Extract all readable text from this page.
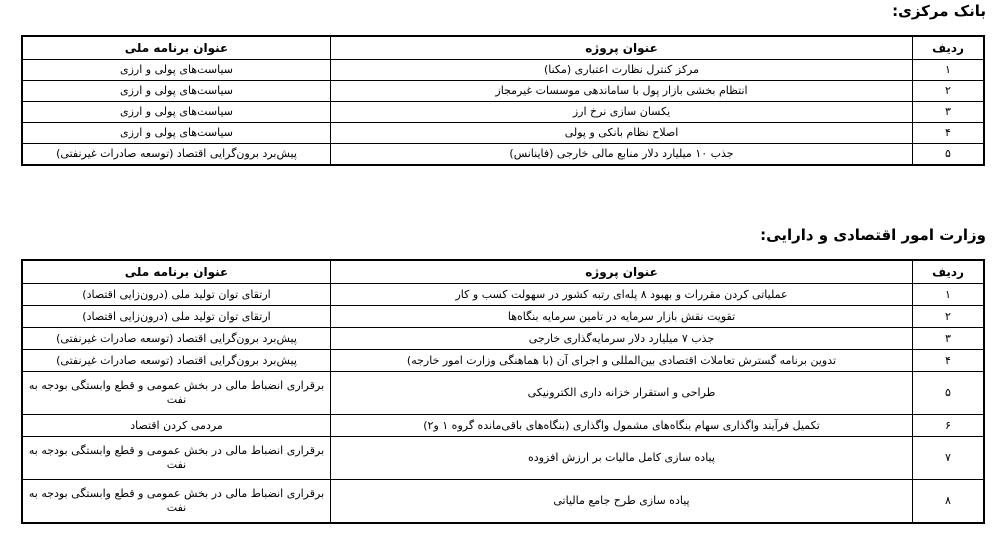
بانک مرکزی:
ردیف	عنوان پروژه	عنوان برنامه ملی
۱	مرکز کنترل نظارت اعتباری (مکنا)	سیاست‌های پولی و ارزی
۲	انتظام بخشی بازار پول با ساماندهی موسسات غیرمجاز	سیاست‌های پولی و ارزی
۳	یکسان سازی نرخ ارز	سیاست‌های پولی و ارزی
۴	اصلاح نظام بانکی و پولی	سیاست‌های پولی و ارزی
۵	جذب ۱۰ میلیارد دلار منابع مالی خارجی (فاینانس)	پیش‌برد برون‌گرایی اقتصاد (توسعه صادرات غیرنفتی)
وزارت امور اقتصادی و دارایی:
ردیف	عنوان پروژه	عنوان برنامه ملی
۱	عملیاتی کردن مقررات و بهبود ۸ پله‌ای رتبه کشور در سهولت کسب و کار	ارتقای توان تولید ملی (درون‌زایی اقتصاد)
۲	تقویت نقش بازار سرمایه در تامین سرمایه بنگاه‌ها	ارتقای توان تولید ملی (درون‌زایی اقتصاد)
۳	جذب ۷ میلیارد دلار سرمایه‌گذاری خارجی	پیش‌برد برون‌گرایی اقتصاد (توسعه صادرات غیرنفتی)
۴	تدوین برنامه گسترش تعاملات اقتصادی بین‌المللی و اجرای آن (با هماهنگی وزارت امور خارجه)	پیش‌برد برون‌گرایی اقتصاد (توسعه صادرات غیرنفتی)
۵	طراحی و استقرار خزانه داری الکترونیکی	برقراری انضباط مالی در بخش عمومی و قطع وابستگی بودجه به نفت
۶	تکمیل فرآیند واگذاری سهام بنگاه‌های مشمول واگذاری (بنگاه‌های باقی‌مانده گروه ۱ و۲)	مردمی کردن اقتصاد
۷	پیاده سازی کامل مالیات بر ارزش افزوده	برقراری انضباط مالی در بخش عمومی و قطع وابستگی بودجه به نفت
۸	پیاده سازی طرح جامع مالیاتی	برقراری انضباط مالی در بخش عمومی و قطع وابستگی بودجه به نفت
